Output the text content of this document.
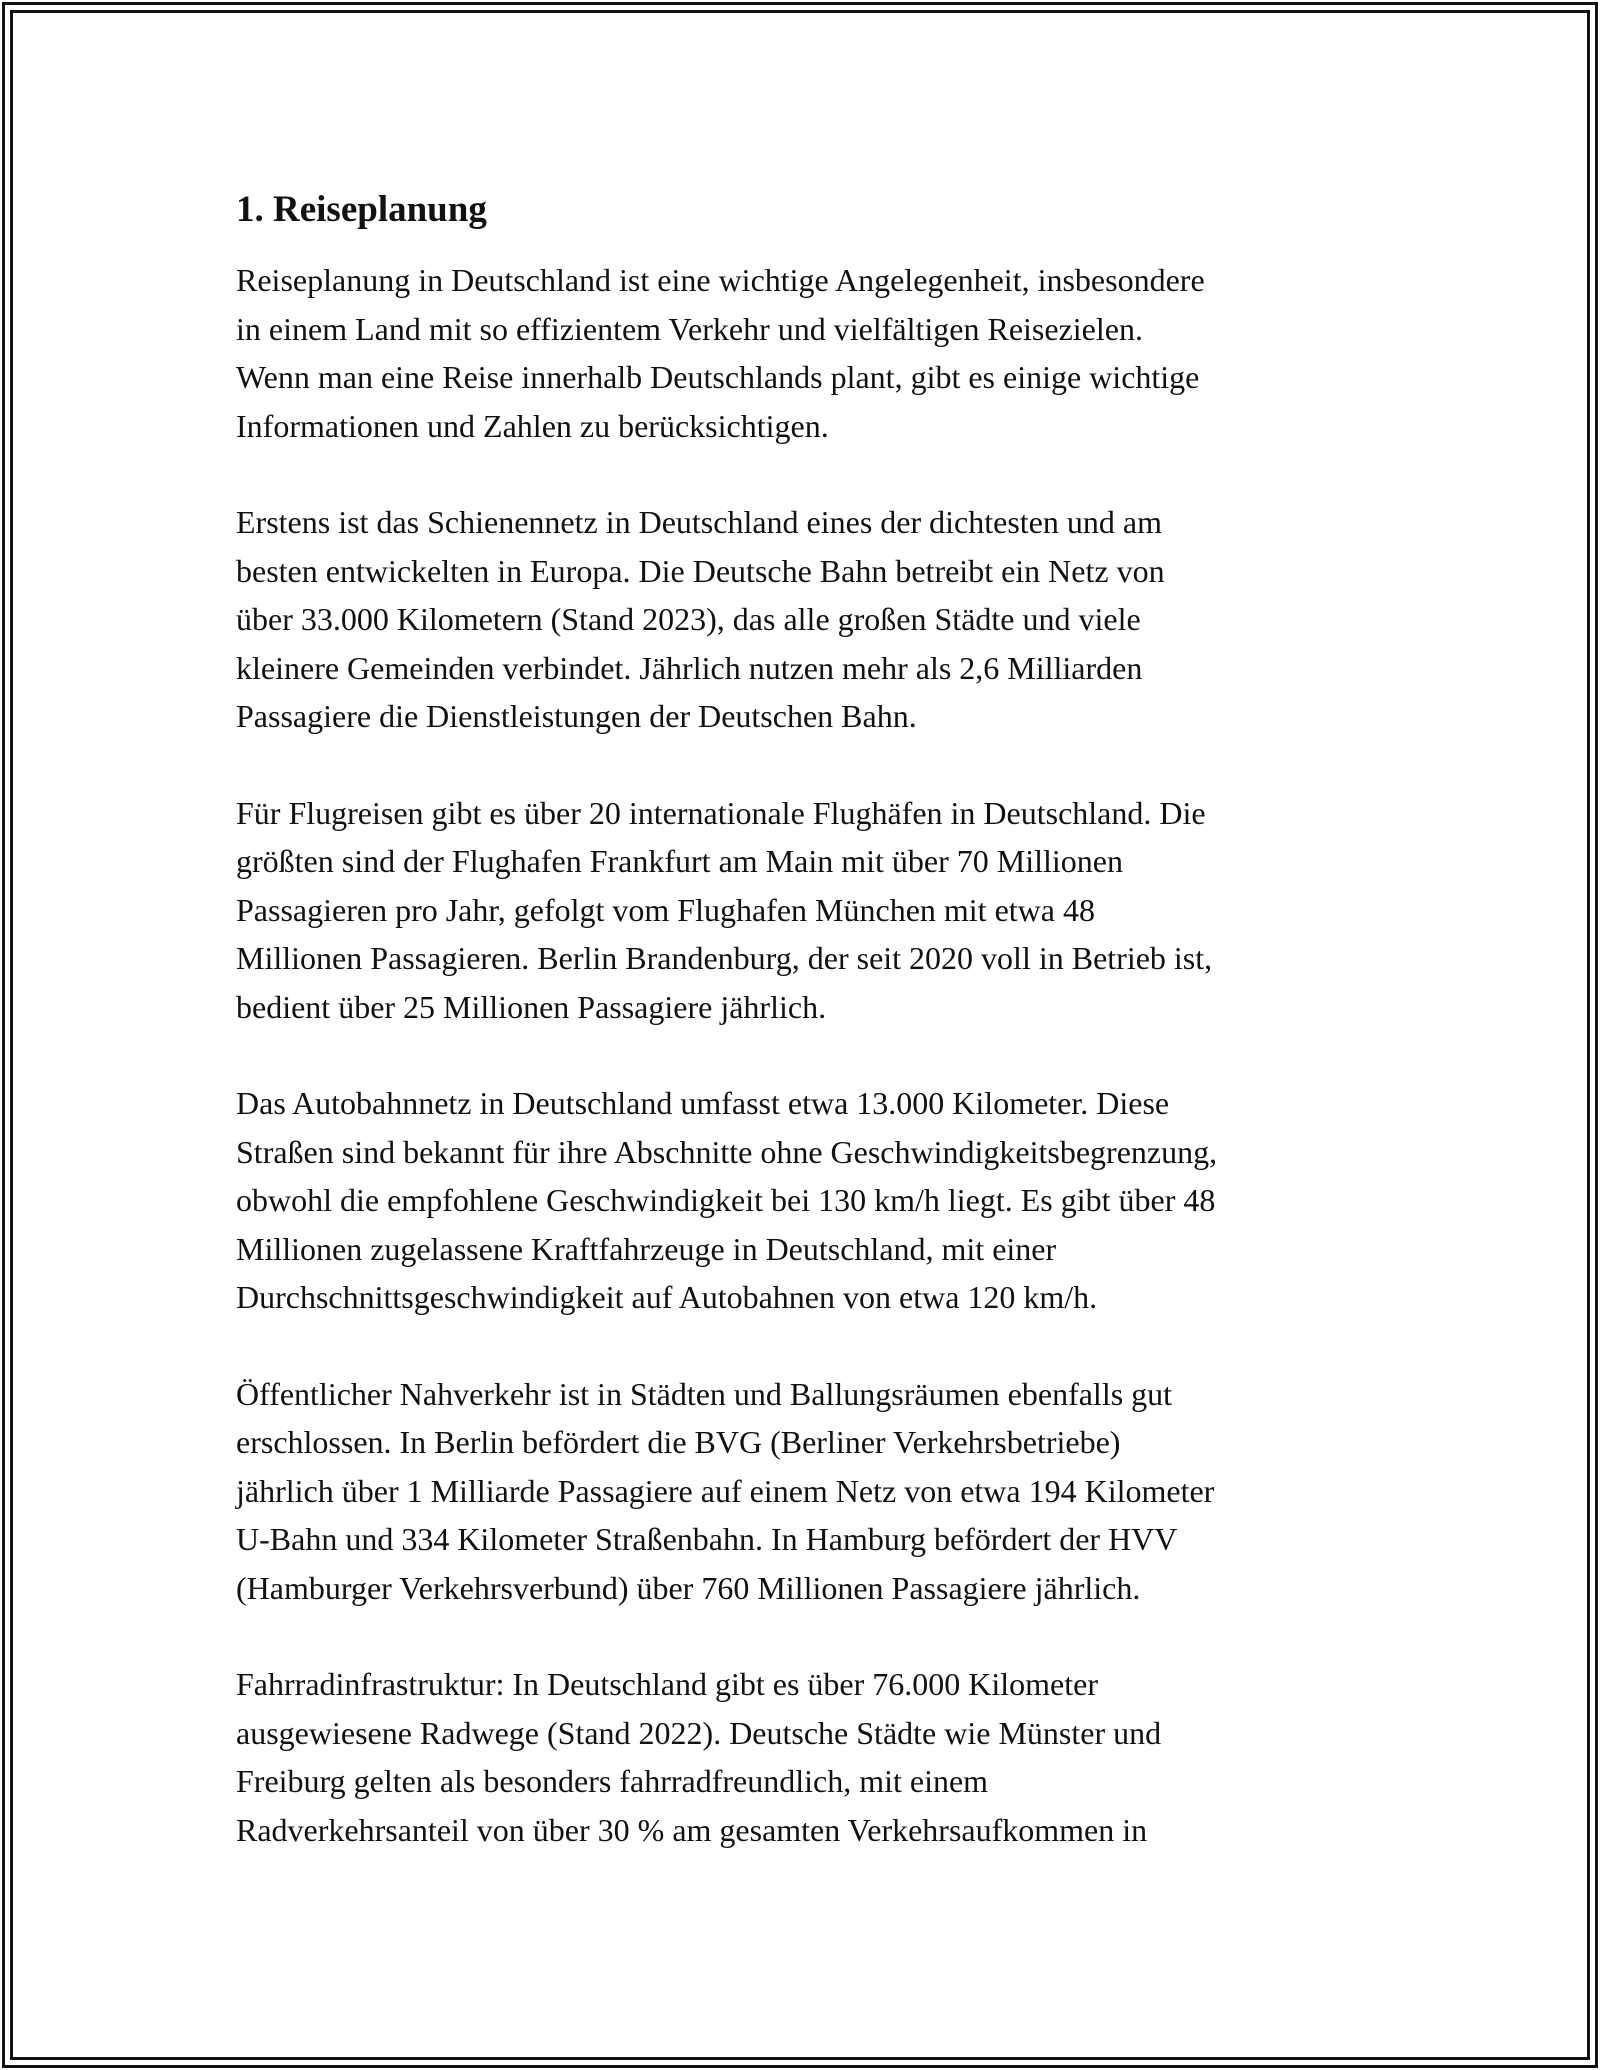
1. Reiseplanung

Reiseplanung in Deutschland ist eine wichtige Angelegenheit, insbesondere
in einem Land mit so effizientem Verkehr und vielfältigen Reisezielen.
Wenn man eine Reise innerhalb Deutschlands plant, gibt es einige wichtige
Informationen und Zahlen zu berücksichtigen.

Erstens ist das Schienennetz in Deutschland eines der dichtesten und am
besten entwickelten in Europa. Die Deutsche Bahn betreibt ein Netz von
über 33.000 Kilometern (Stand 2023), das alle großen Städte und viele
kleinere Gemeinden verbindet. Jährlich nutzen mehr als 2,6 Milliarden
Passagiere die Dienstleistungen der Deutschen Bahn.

Für Flugreisen gibt es über 20 internationale Flughäfen in Deutschland. Die
größten sind der Flughafen Frankfurt am Main mit über 70 Millionen
Passagieren pro Jahr, gefolgt vom Flughafen München mit etwa 48
Millionen Passagieren. Berlin Brandenburg, der seit 2020 voll in Betrieb ist,
bedient über 25 Millionen Passagiere jährlich.

Das Autobahnnetz in Deutschland umfasst etwa 13.000 Kilometer. Diese
Straßen sind bekannt für ihre Abschnitte ohne Geschwindigkeitsbegrenzung,
obwohl die empfohlene Geschwindigkeit bei 130 km/h liegt. Es gibt über 48
Millionen zugelassene Kraftfahrzeuge in Deutschland, mit einer
Durchschnittsgeschwindigkeit auf Autobahnen von etwa 120 km/h.

Öffentlicher Nahverkehr ist in Städten und Ballungsräumen ebenfalls gut
erschlossen. In Berlin befördert die BVG (Berliner Verkehrsbetriebe)
jährlich über 1 Milliarde Passagiere auf einem Netz von etwa 194 Kilometer
U-Bahn und 334 Kilometer Straßenbahn. In Hamburg befördert der HVV
(Hamburger Verkehrsverbund) über 760 Millionen Passagiere jährlich.

Fahrradinfrastruktur: In Deutschland gibt es über 76.000 Kilometer
ausgewiesene Radwege (Stand 2022). Deutsche Städte wie Münster und
Freiburg gelten als besonders fahrradfreundlich, mit einem
Radverkehrsanteil von über 30 % am gesamten Verkehrsaufkommen in
